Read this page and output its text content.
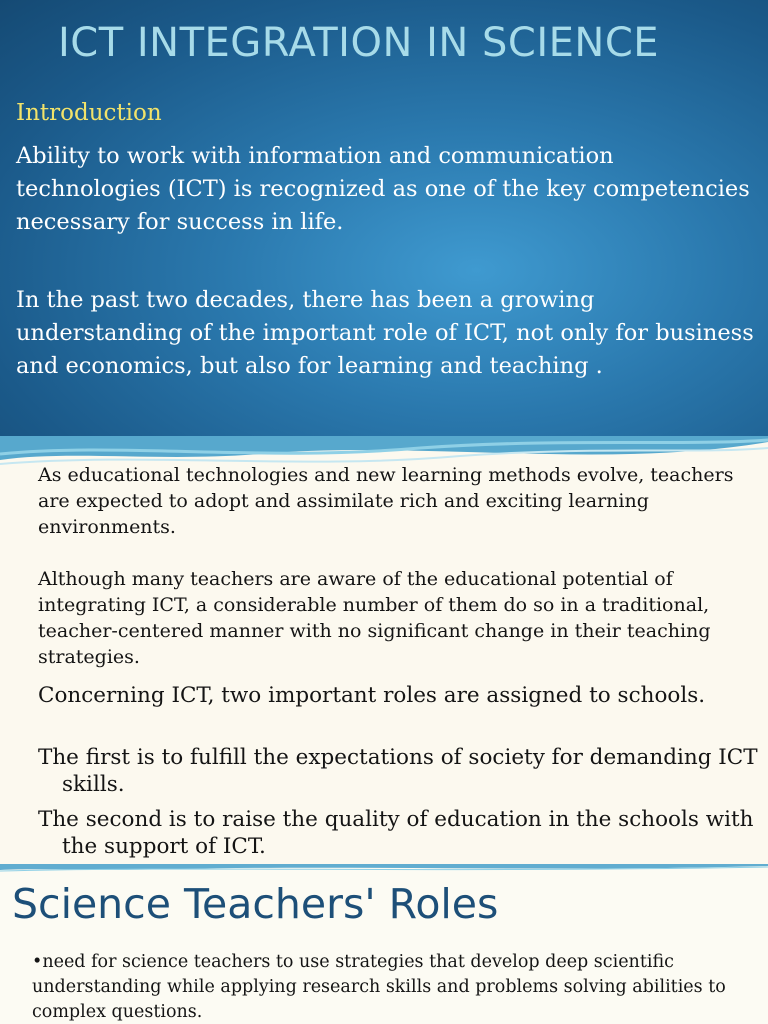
ICT INTEGRATION IN SCIENCE
Introduction
Ability to work with information and communication technologies (ICT) is recognized as one of the key competencies necessary for success in life.
In the past two decades, there has been a growing understanding of the important role of ICT, not only for business and economics, but also for learning and teaching .
As educational technologies and new learning methods evolve, teachers are expected to adopt and assimilate rich and exciting learning environments.
Although many teachers are aware of the educational potential of integrating ICT, a considerable number of them do so in a traditional, teacher-centered manner with no significant change in their teaching strategies.
Concerning ICT, two important roles are assigned to schools.
The first is to fulfill the expectations of society for demanding ICT skills.
The second is to raise the quality of education in the schools with the support of ICT.
Science Teachers' Roles
•need for science teachers to use strategies that develop deep scientific understanding while applying research skills and problems solving abilities to complex questions.
